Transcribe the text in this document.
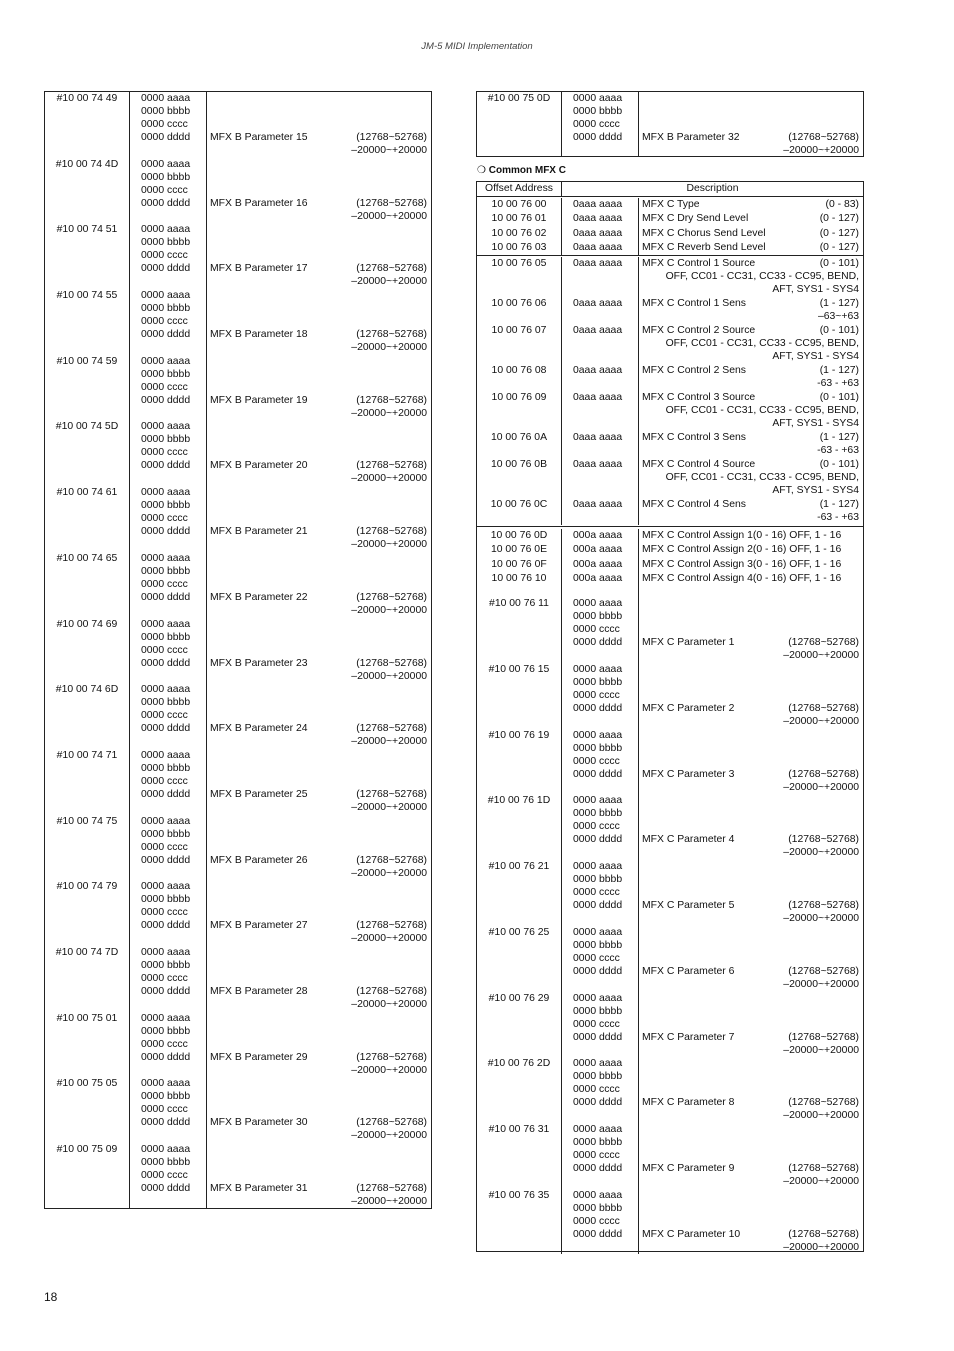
JM-5 MIDI Implementation
#10 00 74 49	0000 aaaa
0000 bbbb
0000 cccc
0000 dddd	MFX B Parameter 15	(12768~52768)
–20000~+20000
#10 00 74 4D	0000 aaaa
0000 bbbb
0000 cccc
0000 dddd	MFX B Parameter 16	(12768~52768)
–20000~+20000
#10 00 74 51	0000 aaaa
0000 bbbb
0000 cccc
0000 dddd	MFX B Parameter 17	(12768~52768)
–20000~+20000
#10 00 74 55	0000 aaaa
0000 bbbb
0000 cccc
0000 dddd	MFX B Parameter 18	(12768~52768)
–20000~+20000
#10 00 74 59	0000 aaaa
0000 bbbb
0000 cccc
0000 dddd	MFX B Parameter 19	(12768~52768)
–20000~+20000
#10 00 74 5D	0000 aaaa
0000 bbbb
0000 cccc
0000 dddd	MFX B Parameter 20	(12768~52768)
–20000~+20000
#10 00 74 61	0000 aaaa
0000 bbbb
0000 cccc
0000 dddd	MFX B Parameter 21	(12768~52768)
–20000~+20000
#10 00 74 65	0000 aaaa
0000 bbbb
0000 cccc
0000 dddd	MFX B Parameter 22	(12768~52768)
–20000~+20000
#10 00 74 69	0000 aaaa
0000 bbbb
0000 cccc
0000 dddd	MFX B Parameter 23	(12768~52768)
–20000~+20000
#10 00 74 6D	0000 aaaa
0000 bbbb
0000 cccc
0000 dddd	MFX B Parameter 24	(12768~52768)
–20000~+20000
#10 00 74 71	0000 aaaa
0000 bbbb
0000 cccc
0000 dddd	MFX B Parameter 25	(12768~52768)
–20000~+20000
#10 00 74 75	0000 aaaa
0000 bbbb
0000 cccc
0000 dddd	MFX B Parameter 26	(12768~52768)
–20000~+20000
#10 00 74 79	0000 aaaa
0000 bbbb
0000 cccc
0000 dddd	MFX B Parameter 27	(12768~52768)
–20000~+20000
#10 00 74 7D	0000 aaaa
0000 bbbb
0000 cccc
0000 dddd	MFX B Parameter 28	(12768~52768)
–20000~+20000
#10 00 75 01	0000 aaaa
0000 bbbb
0000 cccc
0000 dddd	MFX B Parameter 29	(12768~52768)
–20000~+20000
#10 00 75 05	0000 aaaa
0000 bbbb
0000 cccc
0000 dddd	MFX B Parameter 30	(12768~52768)
–20000~+20000
#10 00 75 09	0000 aaaa
0000 bbbb
0000 cccc
0000 dddd	MFX B Parameter 31	(12768~52768)
–20000~+20000
#10 00 75 0D	0000 aaaa
0000 bbbb
0000 cccc
0000 dddd	MFX B Parameter 32	(12768~52768)
–20000~+20000
❍ Common MFX C
Offset Address	Description
10 00 76 00	0aaa aaaa	MFX C Type	(0 - 83)
10 00 76 01	0aaa aaaa	MFX C Dry Send Level	(0 - 127)
10 00 76 02	0aaa aaaa	MFX C Chorus Send Level	(0 - 127)
10 00 76 03	0aaa aaaa	MFX C Reverb Send Level	(0 - 127)
10 00 76 05	0aaa aaaa	MFX C Control 1 Source	(0 - 101)
OFF, CC01 - CC31, CC33 - CC95, BEND,
AFT, SYS1 - SYS4
10 00 76 06	0aaa aaaa	MFX C Control 1 Sens	(1 - 127)
–63~+63
10 00 76 07	0aaa aaaa	MFX C Control 2 Source	(0 - 101)
OFF, CC01 - CC31, CC33 - CC95, BEND,
AFT, SYS1 - SYS4
10 00 76 08	0aaa aaaa	MFX C Control 2 Sens	(1 - 127)
-63 - +63
10 00 76 09	0aaa aaaa	MFX C Control 3 Source	(0 - 101)
OFF, CC01 - CC31, CC33 - CC95, BEND,
AFT, SYS1 - SYS4
10 00 76 0A	0aaa aaaa	MFX C Control 3 Sens	(1 - 127)
-63 - +63
10 00 76 0B	0aaa aaaa	MFX C Control 4 Source	(0 - 101)
OFF, CC01 - CC31, CC33 - CC95, BEND,
AFT, SYS1 - SYS4
10 00 76 0C	0aaa aaaa	MFX C Control 4 Sens	(1 - 127)
-63 - +63
10 00 76 0D	000a aaaa	MFX C Control Assign 1(0 - 16) OFF, 1 - 16
10 00 76 0E	000a aaaa	MFX C Control Assign 2(0 - 16) OFF, 1 - 16
10 00 76 0F	000a aaaa	MFX C Control Assign 3(0 - 16) OFF, 1 - 16
10 00 76 10	000a aaaa	MFX C Control Assign 4(0 - 16) OFF, 1 - 16
#10 00 76 11	0000 aaaa
0000 bbbb
0000 cccc
0000 dddd	MFX C Parameter 1	(12768~52768)
–20000~+20000
#10 00 76 15	0000 aaaa
0000 bbbb
0000 cccc
0000 dddd	MFX C Parameter 2	(12768~52768)
–20000~+20000
#10 00 76 19	0000 aaaa
0000 bbbb
0000 cccc
0000 dddd	MFX C Parameter 3	(12768~52768)
–20000~+20000
#10 00 76 1D	0000 aaaa
0000 bbbb
0000 cccc
0000 dddd	MFX C Parameter 4	(12768~52768)
–20000~+20000
#10 00 76 21	0000 aaaa
0000 bbbb
0000 cccc
0000 dddd	MFX C Parameter 5	(12768~52768)
–20000~+20000
#10 00 76 25	0000 aaaa
0000 bbbb
0000 cccc
0000 dddd	MFX C Parameter 6	(12768~52768)
–20000~+20000
#10 00 76 29	0000 aaaa
0000 bbbb
0000 cccc
0000 dddd	MFX C Parameter 7	(12768~52768)
–20000~+20000
#10 00 76 2D	0000 aaaa
0000 bbbb
0000 cccc
0000 dddd	MFX C Parameter 8	(12768~52768)
–20000~+20000
#10 00 76 31	0000 aaaa
0000 bbbb
0000 cccc
0000 dddd	MFX C Parameter 9	(12768~52768)
–20000~+20000
#10 00 76 35	0000 aaaa
0000 bbbb
0000 cccc
0000 dddd	MFX C Parameter 10	(12768~52768)
–20000~+20000
18
